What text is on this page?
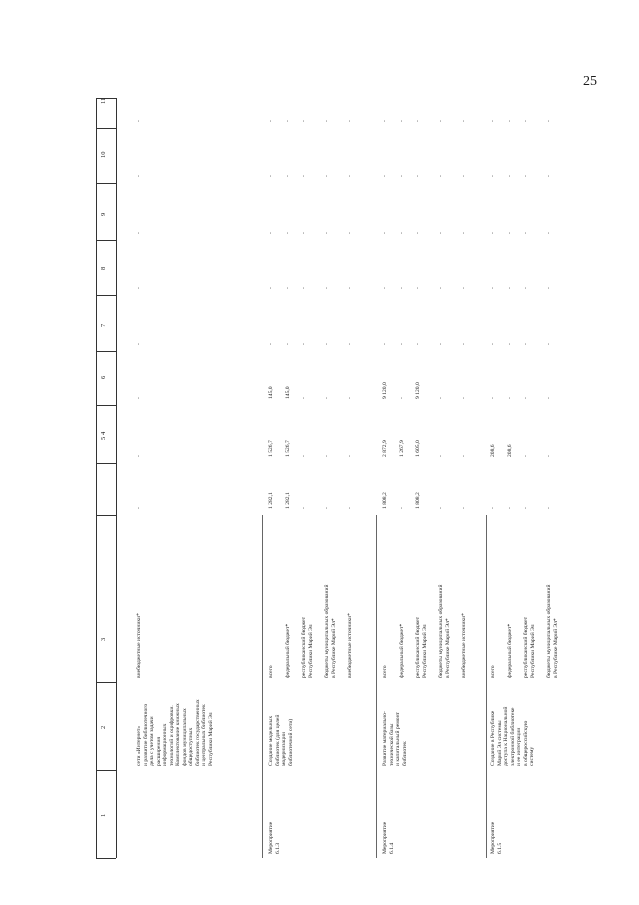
25
1
2
3
4
5
6
7
8
9
10
11
сети «Интернет» и развитие библиотечного дела с учетом задачи расширения информационных технологий и оцифровки. Комплектование книжных фондов муниципальных общедоступных библиотек государственных и центральных библиотек Республики Марий Эл
внебюджетные источники*
-
-
-
-
-
-
-
-
Мероприятие 6.1.3
Создание модельных библиотек (для целей модернизации библиотечной сети)
всего
1 282,1
1 526,7
145,0
-
-
-
-
-
федеральный бюджет*
1 282,1
1 526,7
145,0
-
-
-
-
-
республиканский бюджет Республики Марий Эл
-
-
-
-
-
-
-
-
бюджеты муниципальных образований в Республике Марий Эл*
-
-
-
-
-
-
-
-
внебюджетные источники*
-
-
-
-
-
-
-
-
Мероприятие 6.1.4
Развитие материально- технической базы и капитальный ремонт библиотек
всего
1 808,2
2 872,9
9 120,0
-
-
-
-
-
федеральный бюджет*
-
1 267,9
-
-
-
-
-
-
республиканский бюджет Республики Марий Эл
1 808,2
1 605,0
9 120,0
-
-
-
-
-
бюджеты муниципальных образований в Республике Марий Эл*
-
-
-
-
-
-
-
-
внебюджетные источники*
-
-
-
-
-
-
-
-
Мероприятие 6.1.5
Создание в Республике Марий Эл системы доступа к Национальной электронной библиотеке и ее интеграции в общероссийскую систему
всего
-
208,6
-
-
-
-
-
-
федеральный бюджет*
-
208,6
-
-
-
-
-
-
республиканский бюджет Республики Марий Эл
-
-
-
-
-
-
-
-
бюджеты муниципальных образований в Республике Марий Эл*
-
-
-
-
-
-
-
-
